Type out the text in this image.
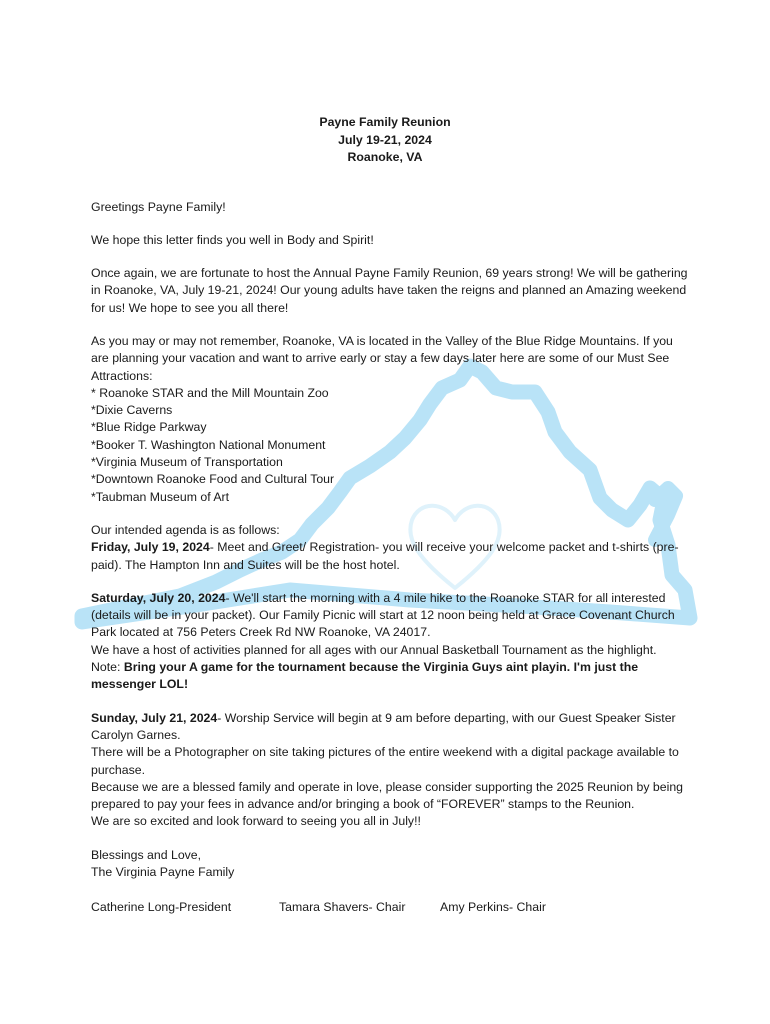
Payne Family Reunion
July 19-21, 2024
Roanoke, VA

Greetings Payne Family!

We hope this letter finds you well in Body and Spirit!

Once again, we are fortunate to host the Annual Payne Family Reunion, 69 years strong! We will be gathering in Roanoke, VA, July 19-21, 2024! Our young adults have taken the reigns and planned an Amazing weekend for us! We hope to see you all there!

As you may or may not remember, Roanoke, VA is located in the Valley of the Blue Ridge Mountains. If you are planning your vacation and want to arrive early or stay a few days later here are some of our Must See Attractions:
* Roanoke STAR and the Mill Mountain Zoo
*Dixie Caverns
*Blue Ridge Parkway
*Booker T. Washington National Monument
*Virginia Museum of Transportation
*Downtown Roanoke Food and Cultural Tour
*Taubman Museum of Art

Our intended agenda is as follows:
Friday, July 19, 2024- Meet and Greet/ Registration- you will receive your welcome packet and t-shirts (pre-paid). The Hampton Inn and Suites will be the host hotel.

Saturday, July 20, 2024- We'll start the morning with a 4 mile hike to the Roanoke STAR for all interested (details will be in your packet). Our Family Picnic will start at 12 noon being held at Grace Covenant Church Park located at 756 Peters Creek Rd NW Roanoke, VA 24017.
We have a host of activities planned for all ages with our Annual Basketball Tournament as the highlight.
Note: Bring your A game for the tournament because the Virginia Guys aint playin. I'm just the messenger LOL!

Sunday, July 21, 2024- Worship Service will begin at 9 am before departing, with our Guest Speaker Sister Carolyn Garnes.
There will be a Photographer on site taking pictures of the entire weekend with a digital package available to purchase.
Because we are a blessed family and operate in love, please consider supporting the 2025 Reunion by being prepared to pay your fees in advance and/or bringing a book of “FOREVER” stamps to the Reunion.
We are so excited and look forward to seeing you all in July!!

Blessings and Love,
The Virginia Payne Family
Catherine Long-President	Tamara Shavers- Chair	Amy Perkins- Chair
